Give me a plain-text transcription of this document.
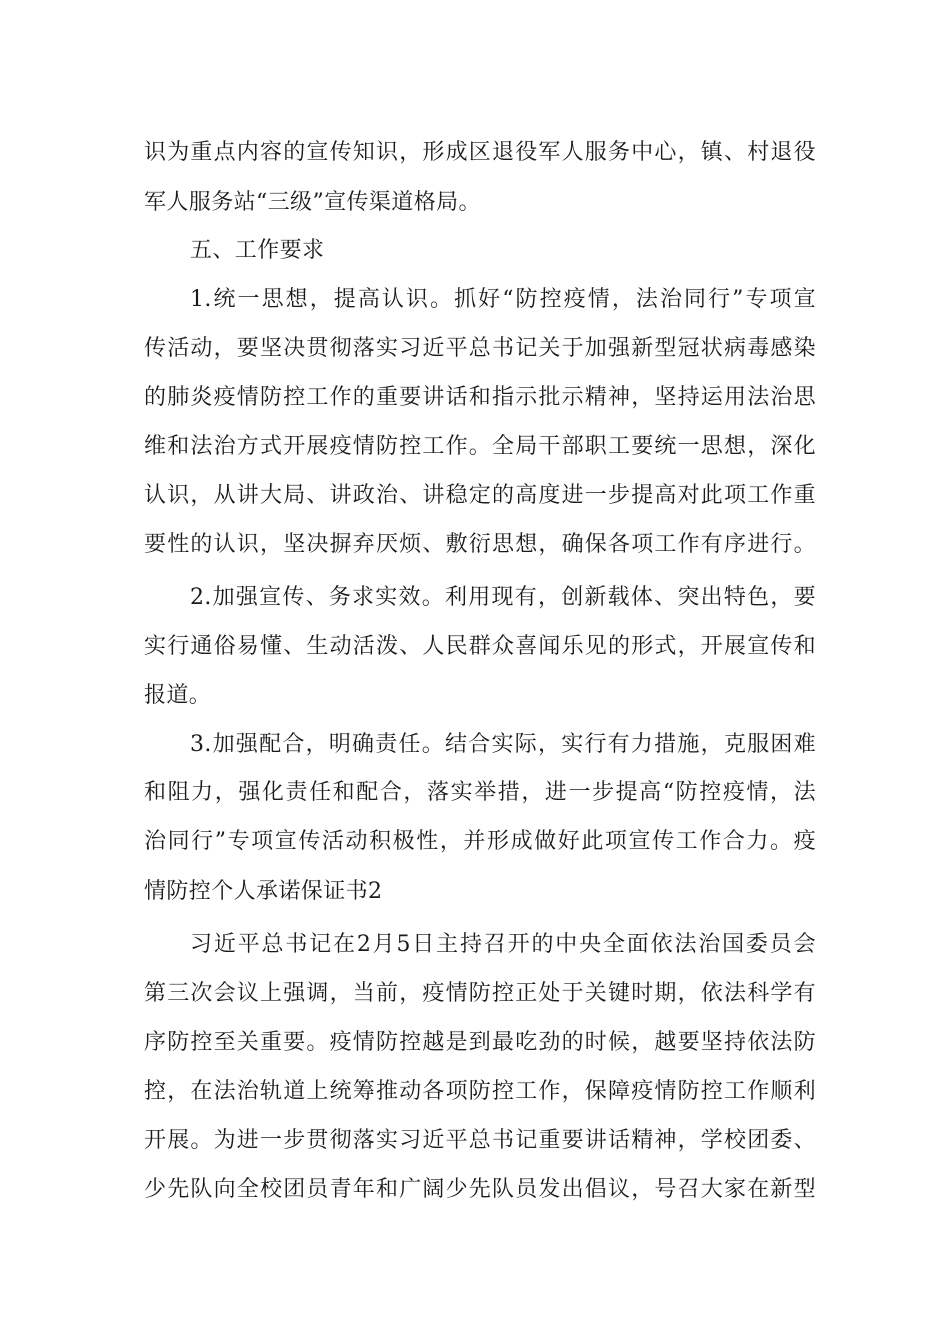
识为重点内容的宣传知识，形成区退役军人服务中心，镇、村退役
军人服务站“三级”宣传渠道格局。
五、工作要求
1.统一思想，提高认识。抓好“防控疫情，法治同行”专项宣
传活动，要坚决贯彻落实习近平总书记关于加强新型冠状病毒感染
的肺炎疫情防控工作的重要讲话和指示批示精神，坚持运用法治思
维和法治方式开展疫情防控工作。全局干部职工要统一思想，深化
认识，从讲大局、讲政治、讲稳定的高度进一步提高对此项工作重
要性的认识，坚决摒弃厌烦、敷衍思想，确保各项工作有序进行。
2.加强宣传、务求实效。利用现有，创新载体、突出特色，要
实行通俗易懂、生动活泼、人民群众喜闻乐见的形式，开展宣传和
报道。
3.加强配合，明确责任。结合实际，实行有力措施，克服困难
和阻力，强化责任和配合，落实举措，进一步提高“防控疫情，法
治同行”专项宣传活动积极性，并形成做好此项宣传工作合力。疫
情防控个人承诺保证书2
习近平总书记在2月5日主持召开的中央全面依法治国委员会
第三次会议上强调，当前，疫情防控正处于关键时期，依法科学有
序防控至关重要。疫情防控越是到最吃劲的时候，越要坚持依法防
控，在法治轨道上统筹推动各项防控工作，保障疫情防控工作顺利
开展。为进一步贯彻落实习近平总书记重要讲话精神，学校团委、
少先队向全校团员青年和广阔少先队员发出倡议，号召大家在新型
